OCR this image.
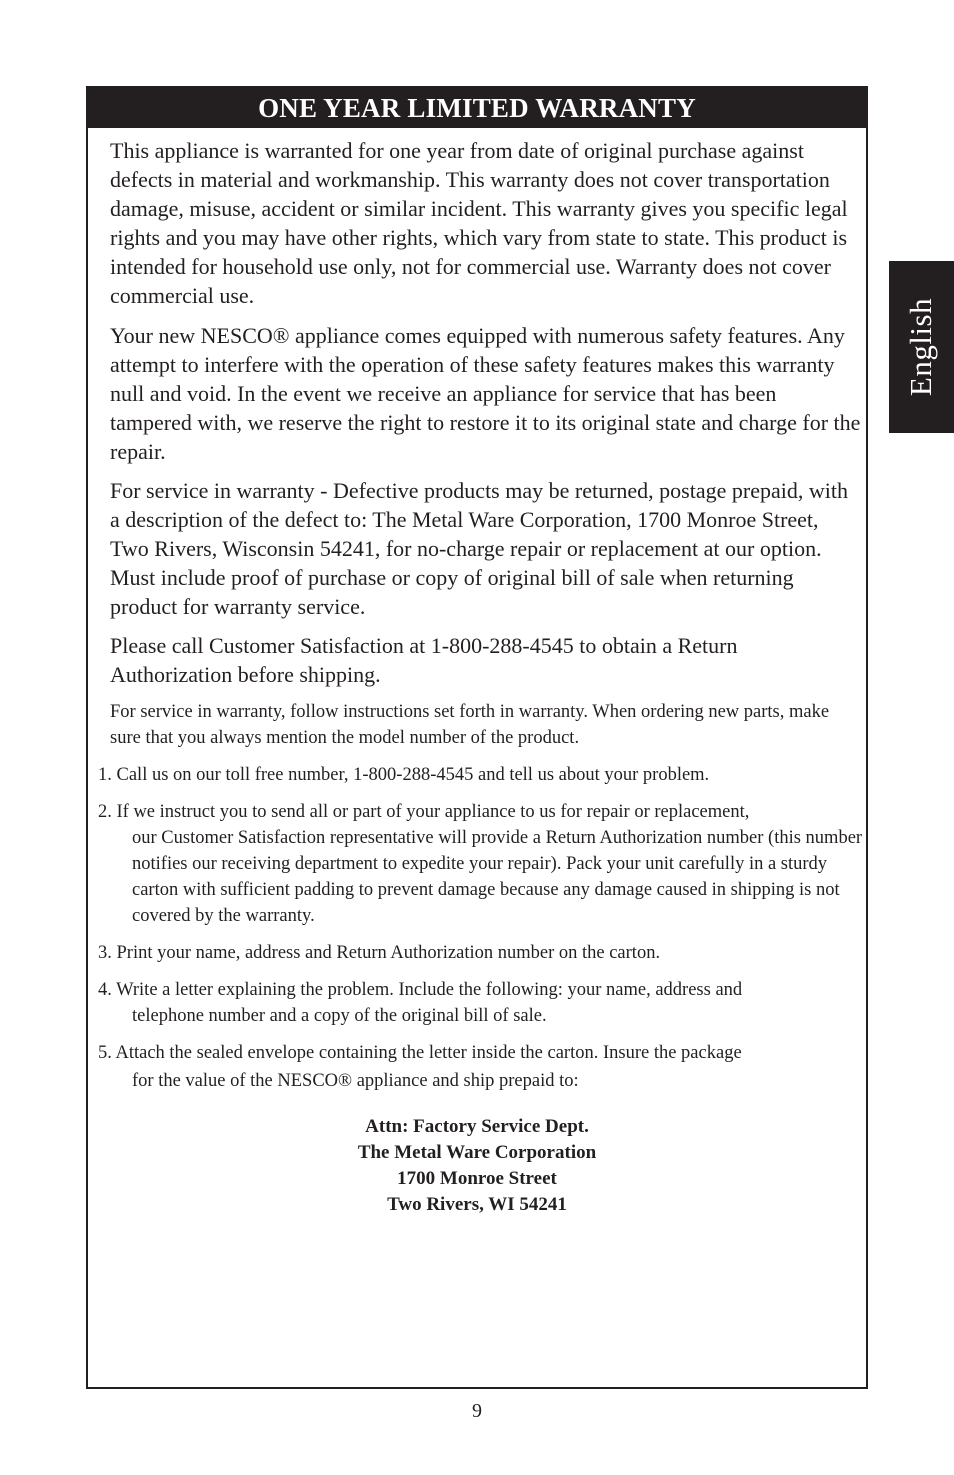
ONE YEAR LIMITED WARRANTY

This appliance is warranted for one year from date of original purchase against defects in material and workmanship. This warranty does not cover transportation damage, misuse, accident or similar incident. This warranty gives you specific legal rights and you may have other rights, which vary from state to state. This product is intended for household use only, not for commercial use. Warranty does not cover commercial use.

Your new NESCO® appliance comes equipped with numerous safety features. Any attempt to interfere with the operation of these safety features makes this warranty null and void. In the event we receive an appliance for service that has been tampered with, we reserve the right to restore it to its original state and charge for the repair.

For service in warranty - Defective products may be returned, postage prepaid, with a description of the defect to: The Metal Ware Corporation, 1700 Monroe Street, Two Rivers, Wisconsin 54241, for no-charge repair or replacement at our option. Must include proof of purchase or copy of original bill of sale when returning product for warranty service.

Please call Customer Satisfaction at 1-800-288-4545 to obtain a Return Authorization before shipping.

For service in warranty, follow instructions set forth in warranty. When ordering new parts, make sure that you always mention the model number of the product.

1. Call us on our toll free number, 1-800-288-4545 and tell us about your problem.
2. If we instruct you to send all or part of your appliance to us for repair or replacement,
our Customer Satisfaction representative will provide a Return Authorization number (this number notifies our receiving department to expedite your repair). Pack your unit carefully in a sturdy carton with sufficient padding to prevent damage because any damage caused in shipping is not covered by the warranty.
3. Print your name, address and Return Authorization number on the carton.
4. Write a letter explaining the problem. Include the following: your name, address and
telephone number and a copy of the original bill of sale.
5. Attach the sealed envelope containing the letter inside the carton. Insure the package
for the value of the NESCO® appliance and ship prepaid to:
Attn: Factory Service Dept.
The Metal Ware Corporation
1700 Monroe Street
Two Rivers, WI 54241
English
9
